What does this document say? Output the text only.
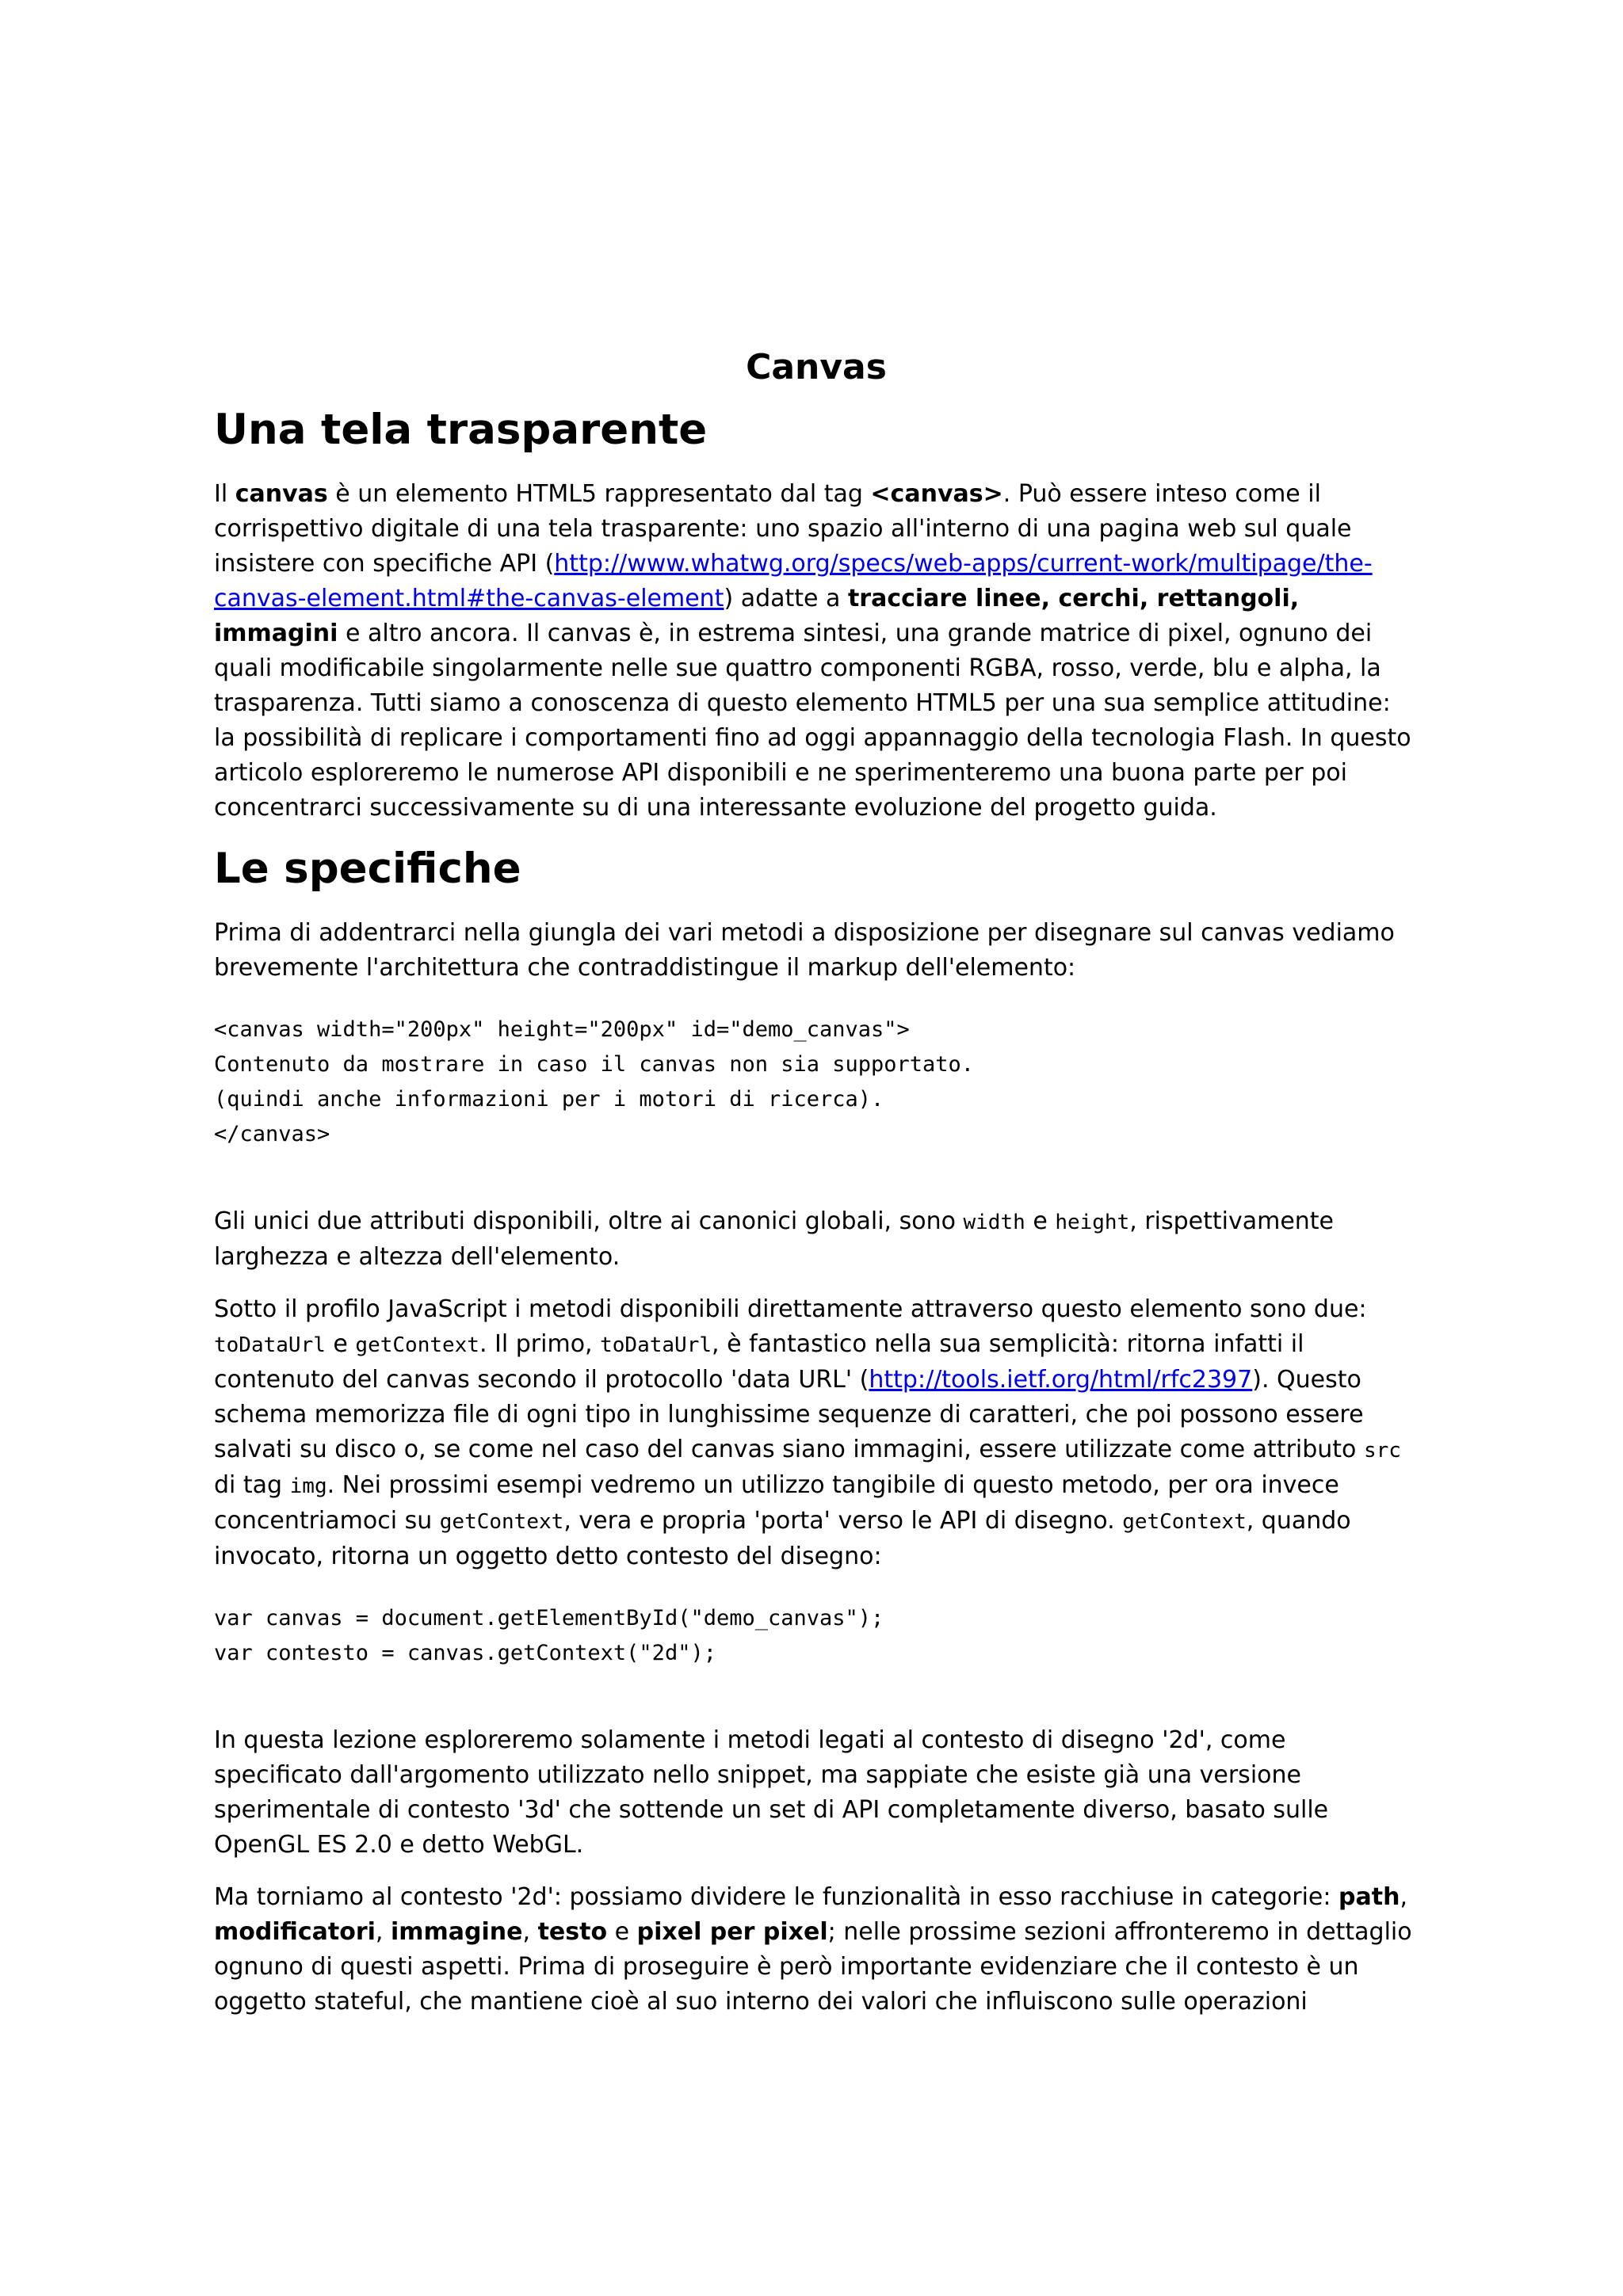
Canvas
Una tela trasparente

Il canvas è un elemento HTML5 rappresentato dal tag <canvas>. Può essere inteso come il corrispettivo digitale di una tela trasparente: uno spazio all'interno di una pagina web sul quale insistere con specifiche API (http://www.whatwg.org/specs/web-apps/current-work/multipage/the-canvas-element.html#the-canvas-element) adatte a tracciare linee, cerchi, rettangoli, immagini e altro ancora. Il canvas è, in estrema sintesi, una grande matrice di pixel, ognuno dei quali modificabile singolarmente nelle sue quattro componenti RGBA, rosso, verde, blu e alpha, la trasparenza. Tutti siamo a conoscenza di questo elemento HTML5 per una sua semplice attitudine: la possibilità di replicare i comportamenti fino ad oggi appannaggio della tecnologia Flash. In questo articolo esploreremo le numerose API disponibili e ne sperimenteremo una buona parte per poi concentrarci successivamente su di una interessante evoluzione del progetto guida.

Le specifiche

Prima di addentrarci nella giungla dei vari metodi a disposizione per disegnare sul canvas vediamo brevemente l'architettura che contraddistingue il markup dell'elemento:

<canvas width="200px" height="200px" id="demo_canvas">
Contenuto da mostrare in caso il canvas non sia supportato.
(quindi anche informazioni per i motori di ricerca).
</canvas>

Gli unici due attributi disponibili, oltre ai canonici globali, sono width e height, rispettivamente larghezza e altezza dell'elemento.

Sotto il profilo JavaScript i metodi disponibili direttamente attraverso questo elemento sono due: toDataUrl e getContext. Il primo, toDataUrl, è fantastico nella sua semplicità: ritorna infatti il contenuto del canvas secondo il protocollo 'data URL' (http://tools.ietf.org/html/rfc2397). Questo schema memorizza file di ogni tipo in lunghissime sequenze di caratteri, che poi possono essere salvati su disco o, se come nel caso del canvas siano immagini, essere utilizzate come attributo src di tag img. Nei prossimi esempi vedremo un utilizzo tangibile di questo metodo, per ora invece concentriamoci su getContext, vera e propria 'porta' verso le API di disegno. getContext, quando invocato, ritorna un oggetto detto contesto del disegno:

var canvas = document.getElementById("demo_canvas");
var contesto = canvas.getContext("2d");

In questa lezione esploreremo solamente i metodi legati al contesto di disegno '2d', come specificato dall'argomento utilizzato nello snippet, ma sappiate che esiste già una versione sperimentale di contesto '3d' che sottende un set di API completamente diverso, basato sulle OpenGL ES 2.0 e detto WebGL.

Ma torniamo al contesto '2d': possiamo dividere le funzionalità in esso racchiuse in categorie: path, modificatori, immagine, testo e pixel per pixel; nelle prossime sezioni affronteremo in dettaglio ognuno di questi aspetti. Prima di proseguire è però importante evidenziare che il contesto è un oggetto stateful, che mantiene cioè al suo interno dei valori che influiscono sulle operazioni
